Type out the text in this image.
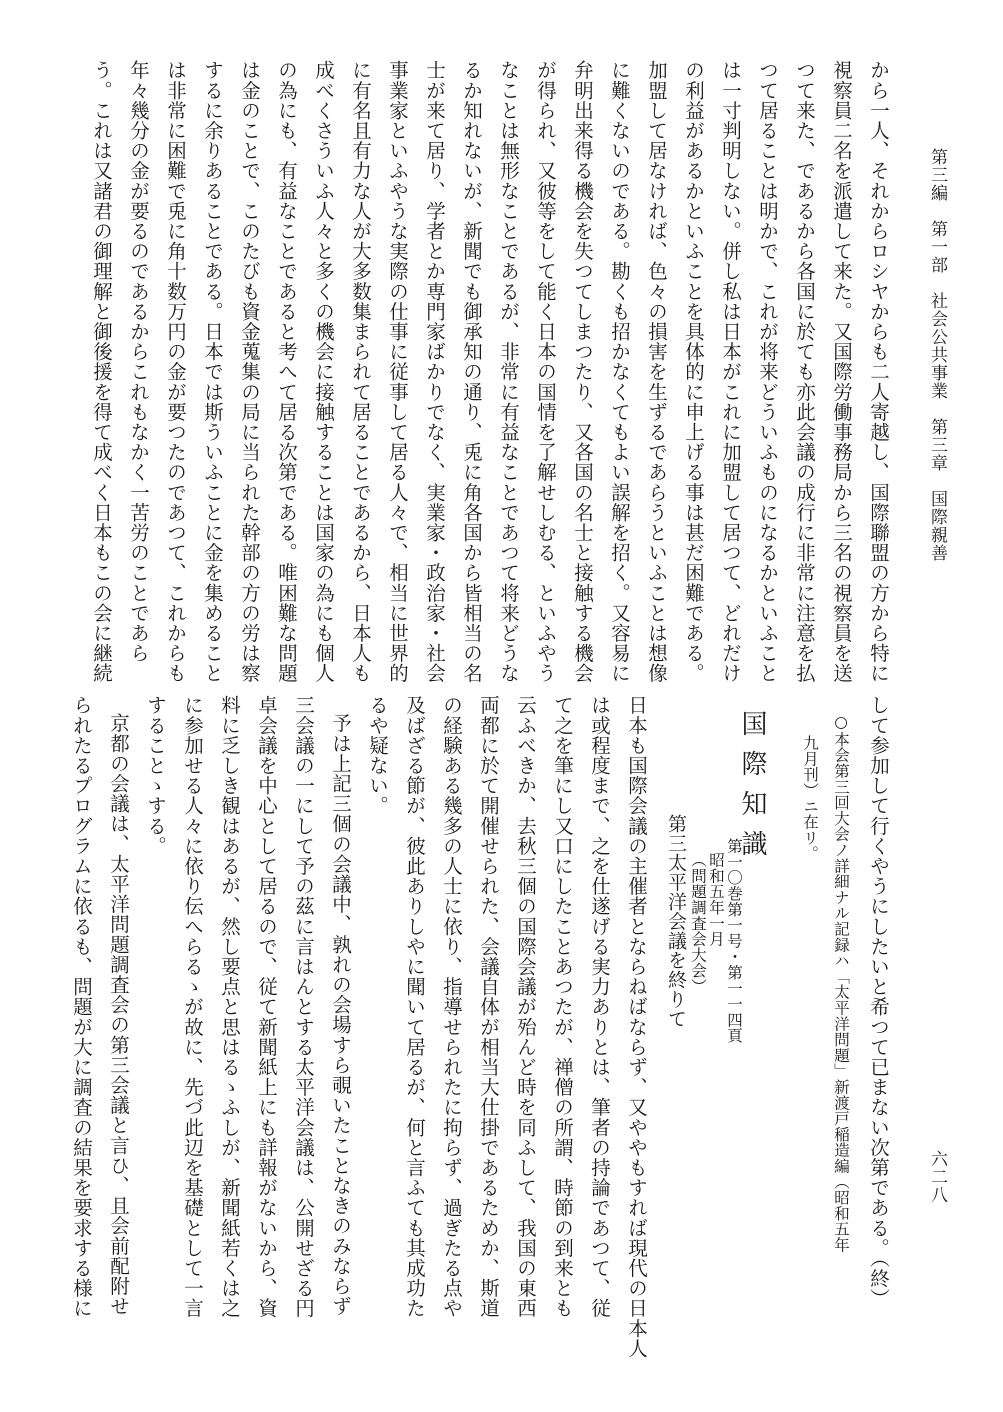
第三編　第一部　社会公共事業　第三章　国際親善
六二八
から一人、それからロシヤからも二人寄越し、国際聯盟の方から特に
視察員二名を派遣して来た。又国際労働事務局から三名の視察員を送
つて来た、であるから各国に於ても亦此会議の成行に非常に注意を払
つて居ることは明かで、これが将来どういふものになるかといふこと
は一寸判明しない。併し私は日本がこれに加盟して居つて、どれだけ
の利益があるかといふことを具体的に申上げる事は甚だ困難である。
加盟して居なければ、色々の損害を生ずるであらうといふことは想像
に難くないのである。勘くも招かなくてもよい誤解を招く。又容易に
弁明出来得る機会を失つてしまつたり、又各国の名士と接触する機会
が得られ、又彼等をして能く日本の国情を了解せしむる、といふやう
なことは無形なことであるが、非常に有益なことであつて将来どうな
るか知れないが、新聞でも御承知の通り、兎に角各国から皆相当の名
士が来て居り、学者とか専門家ばかりでなく、実業家・政治家・社会
事業家といふやうな実際の仕事に従事して居る人々で、相当に世界的
に有名且有力な人が大多数集まられて居ることであるから、日本人も
成べくさういふ人々と多くの機会に接触することは国家の為にも個人
の為にも、有益なことであると考へて居る次第である。唯困難な問題
は金のことで、このたびも資金蒐集の局に当られた幹部の方の労は察
するに余りあることである。日本では斯ういふことに金を集めること
は非常に困難で兎に角十数万円の金が要つたのであつて、これからも
年々幾分の金が要るのであるからこれもなかく一苦労のことであら
う。これは又諸君の御理解と御後援を得て成べく日本もこの会に継続
して参加して行くやうにしたいと希つて已まない次第である。（終）
○本会第三回大会ノ詳細ナル記録ハ「太平洋問題」新渡戸稲造編（昭和五年
九月刊）ニ在リ。
国際知識
第一〇巻第一号・第一一四頁
昭和五年一月
（問題調査会大会）
第三太平洋会議を終りて
日本も国際会議の主催者とならねばならず、又ややもすれば現代の日本人
は或程度まで、之を仕遂げる実力ありとは、筆者の持論であつて、従
て之を筆にし又口にしたことあつたが、禅僧の所謂、時節の到来とも
云ふべきか、去秋三個の国際会議が殆んど時を同ふして、我国の東西
両都に於て開催せられた、会議自体が相当大仕掛であるためか、斯道
の経験ある幾多の人士に依り、指導せられたに拘らず、過ぎたる点や
及ばざる節が、彼此ありしやに聞いて居るが、何と言ふても其成功た
るや疑ない。
予は上記三個の会議中、孰れの会場すら覗いたことなきのみならず
三会議の一にして予の茲に言はんとする太平洋会議は、公開せざる円
卓会議を中心として居るので、従て新聞紙上にも詳報がないから、資
料に乏しき観はあるが、然し要点と思はるゝふしが、新聞紙若くは之
に参加せる人々に依り伝へらるゝが故に、先づ此辺を基礎として一言
することゝする。
京都の会議は、太平洋問題調査会の第三会議と言ひ、且会前配附せ
られたるプログラムに依るも、問題が大に調査の結果を要求する様に
